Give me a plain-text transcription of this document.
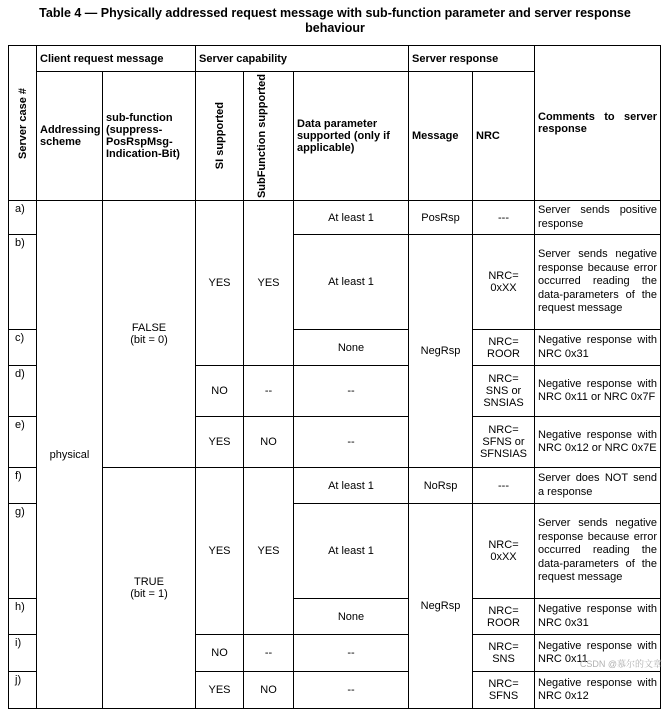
Table 4 — Physically addressed request message with sub-function parameter and server response
behaviour
Server case #
	Client request message	Server capability	Server response	Comments to server response
Addressing scheme	sub-function (suppress-PosRspMsg-Indication-Bit)	SI supported	SubFunction supported	Data parameter supported (only if applicable)	Message	NRC
a)	physical	
FALSE
(bit = 0)
	YES	YES	At least 1	PosRsp	---	Server sends positive response
b)	At least 1	NegRsp	NRC= 0xXX	Server sends negative response because error occurred reading the data-parameters of the request message
c)	None	NRC= ROOR	Negative response with NRC 0x31
d)	NO	--	--	NRC= SNS or SNSIAS	Negative response with NRC 0x11 or NRC 0x7F
e)	YES	NO	--	NRC= SFNS or SFNSIAS	Negative response with NRC 0x12 or NRC 0x7E
f)	
TRUE
(bit = 1)
	YES	YES	At least 1	NoRsp	---	Server does NOT send a response
g)	At least 1	NegRsp	NRC= 0xXX	Server sends negative response because error occurred reading the data-parameters of the request message
h)	None	NRC= ROOR	Negative response with NRC 0x31
i)	NO	--	--	NRC= SNS	Negative response with NRC 0x11
j)	YES	NO	--	NRC= SFNS	Negative response with NRC 0x12
CSDN @慕尔的文章
